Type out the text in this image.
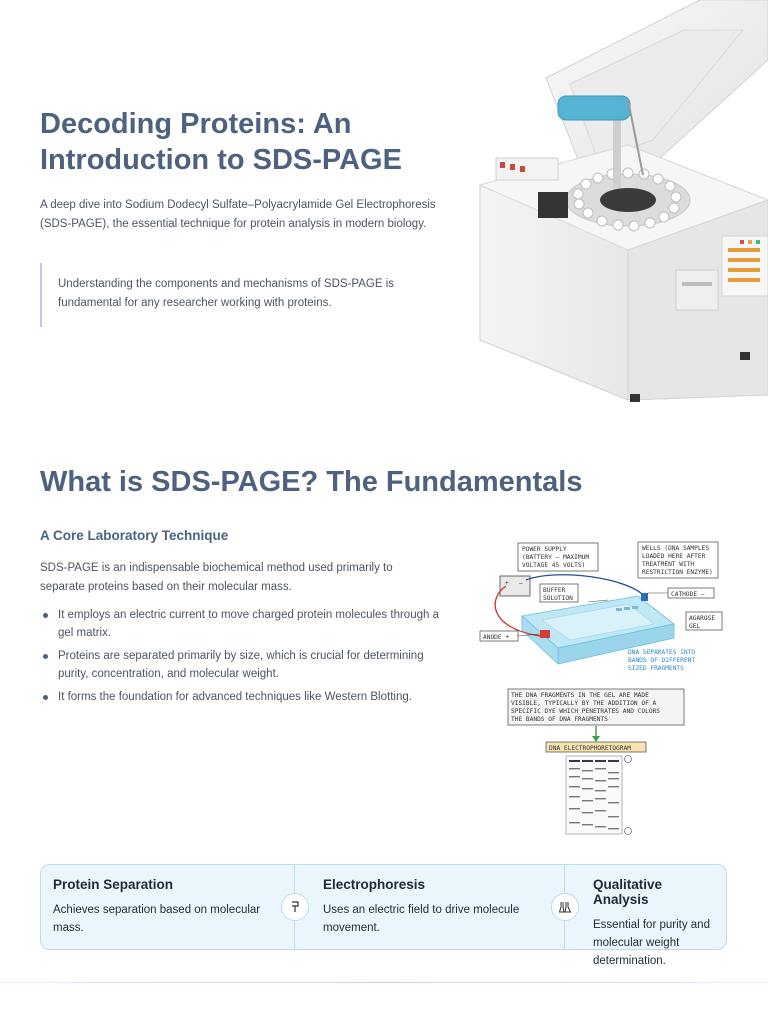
Decoding Proteins: An Introduction to SDS-PAGE

A deep dive into Sodium Dodecyl Sulfate–Polyacrylamide Gel Electrophoresis (SDS-PAGE), the essential technique for protein analysis in modern biology.

Understanding the components and mechanisms of SDS-PAGE is fundamental for any researcher working with proteins.

What is SDS-PAGE? The Fundamentals
A Core Laboratory Technique

SDS-PAGE is an indispensable biochemical method used primarily to separate proteins based on their molecular mass.

It employs an electric current to move charged protein molecules through a gel matrix.
Proteins are separated primarily by size, which is crucial for determining purity, concentration, and molecular weight.
It forms the foundation for advanced techniques like Western Blotting.
POWER SUPPLY
(BATTERY – MAXIMUM
VOLTAGE 45 VOLTS)
WELLS (DNA SAMPLES
LOADED HERE AFTER
TREATMENT WITH
RESTRICTION ENZYME)
+ –
BUFFER
SOLUTION
CATHODE –
AGAROSE
GEL
ANODE +
DNA SEPARATES INTO
BANDS OF DIFFERENT
SIZED FRAGMENTS
THE DNA FRAGMENTS IN THE GEL ARE MADE
VISIBLE, TYPICALLY BY THE ADDITION OF A
SPECIFIC DYE WHICH PENETRATES AND COLORS
THE BANDS OF DNA FRAGMENTS
DNA ELECTROPHORETOGRAM
Protein Separation

Achieves separation based on molecular mass.

Electrophoresis

Uses an electric field to drive molecule movement.

Qualitative Analysis

Essential for purity and molecular weight determination.
